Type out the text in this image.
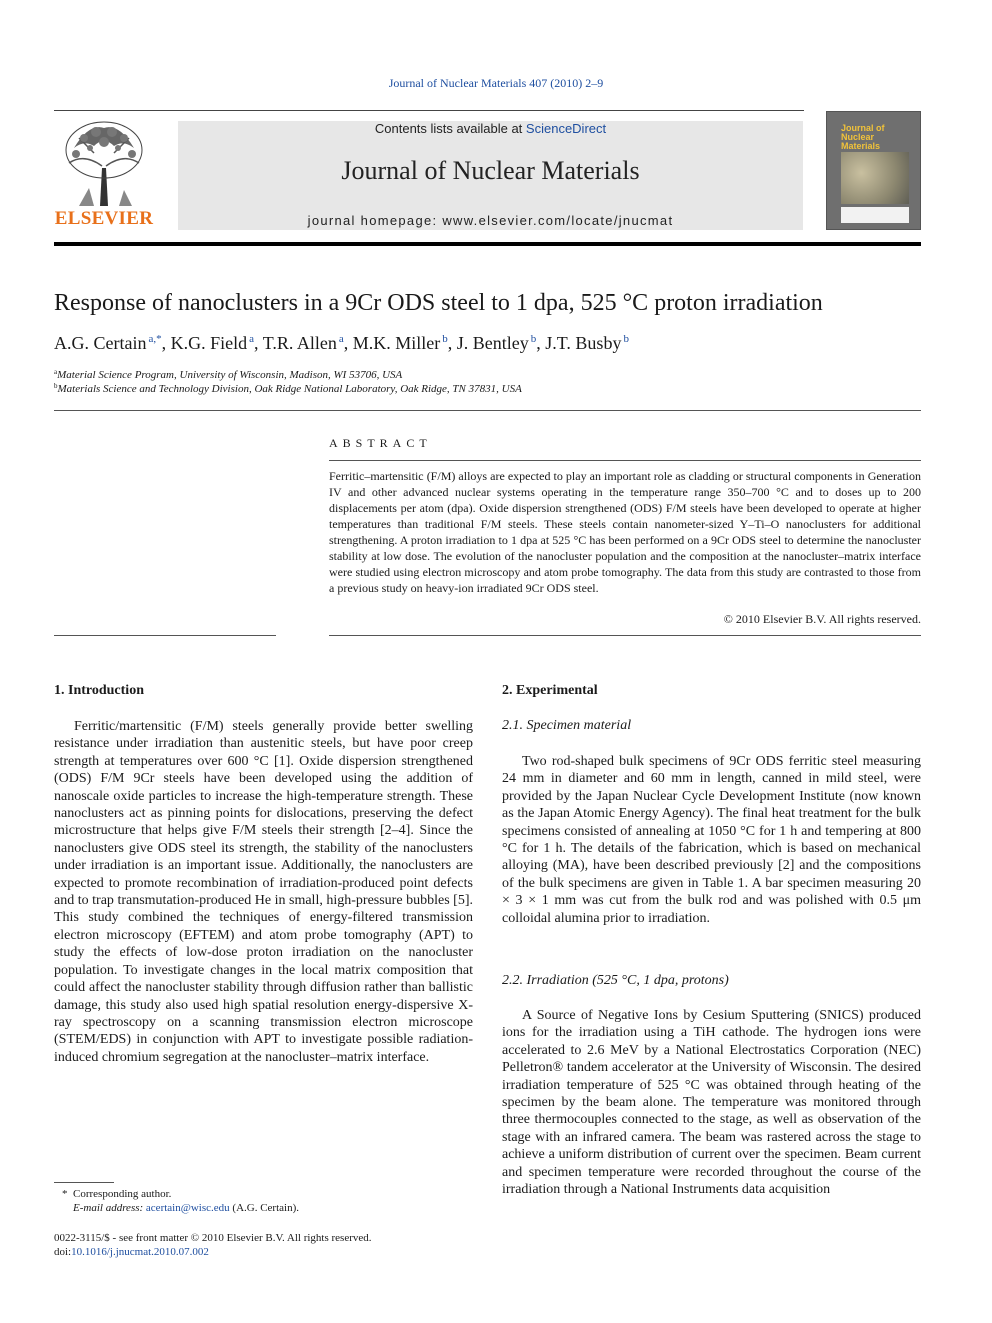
Journal of Nuclear Materials 407 (2010) 2–9
ELSEVIER
Contents lists available at ScienceDirect
Journal of Nuclear Materials
journal homepage: www.elsevier.com/locate/jnucmat
Journal of Nuclear Materials
Response of nanoclusters in a 9Cr ODS steel to 1 dpa, 525 °C proton irradiation
A.G. Certain $^{a,*}$, K.G. Field $^a$, T.R. Allen $^a$, M.K. Miller $^b$, J. Bentley $^b$, J.T. Busby $^b$
$^a$Material Science Program, University of Wisconsin, Madison, WI 53706, USA
$^b$Materials Science and Technology Division, Oak Ridge National Laboratory, Oak Ridge, TN 37831, USA
ABSTRACT
Ferritic–martensitic (F/M) alloys are expected to play an important role as cladding or structural components in Generation IV and other advanced nuclear systems operating in the temperature range 350–700 °C and to doses up to 200 displacements per atom (dpa). Oxide dispersion strengthened (ODS) F/M steels have been developed to operate at higher temperatures than traditional F/M steels. These steels contain nanometer-sized Y–Ti–O nanoclusters for additional strengthening. A proton irradiation to 1 dpa at 525 °C has been performed on a 9Cr ODS steel to determine the nanocluster stability at low dose. The evolution of the nanocluster population and the composition at the nanocluster–matrix interface were studied using electron microscopy and atom probe tomography. The data from this study are contrasted to those from a previous study on heavy-ion irradiated 9Cr ODS steel.
© 2010 Elsevier B.V. All rights reserved.
1. Introduction

Ferritic/martensitic (F/M) steels generally provide better swelling resistance under irradiation than austenitic steels, but have poor creep strength at temperatures over 600 °C [1]. Oxide dispersion strengthened (ODS) F/M 9Cr steels have been developed using the addition of nanoscale oxide particles to increase the high-temperature strength. These nanoclusters act as pinning points for dislocations, preserving the defect microstructure that helps give F/M steels their strength [2–4]. Since the nanoclusters give ODS steel its strength, the stability of the nanoclusters under irradiation is an important issue. Additionally, the nanoclusters are expected to promote recombination of irradiation-produced point defects and to trap transmutation-produced He in small, high-pressure bubbles [5]. This study combined the techniques of energy-filtered transmission electron microscopy (EFTEM) and atom probe tomography (APT) to study the effects of low-dose proton irradiation on the nanocluster population. To investigate changes in the local matrix composition that could affect the nanocluster stability through diffusion rather than ballistic damage, this study also used high spatial resolution energy-dispersive X-ray spectroscopy on a scanning transmission electron microscope (STEM/EDS) in conjunction with APT to investigate possible radiation-induced chromium segregation at the nanocluster–matrix interface.

2. Experimental
2.1. Specimen material

Two rod-shaped bulk specimens of 9Cr ODS ferritic steel measuring 24 mm in diameter and 60 mm in length, canned in mild steel, were provided by the Japan Nuclear Cycle Development Institute (now known as the Japan Atomic Energy Agency). The final heat treatment for the bulk specimens consisted of annealing at 1050 °C for 1 h and tempering at 800 °C for 1 h. The details of the fabrication, which is based on mechanical alloying (MA), have been described previously [2] and the compositions of the bulk specimens are given in Table 1. A bar specimen measuring 20 × 3 × 1 mm was cut from the bulk rod and was polished with 0.5 μm colloidal alumina prior to irradiation.

2.2. Irradiation (525 °C, 1 dpa, protons)

A Source of Negative Ions by Cesium Sputtering (SNICS) produced ions for the irradiation using a TiH cathode. The hydrogen ions were accelerated to 2.6 MeV by a National Electrostatics Corporation (NEC) Pelletron® tandem accelerator at the University of Wisconsin. The desired irradiation temperature of 525 °C was obtained through heating of the specimen by the beam alone. The temperature was monitored through three thermocouples connected to the stage, as well as observation of the stage with an infrared camera. The beam was rastered across the stage to achieve a uniform distribution of current over the specimen. Beam current and specimen temperature were recorded throughout the course of the irradiation through a National Instruments data acquisition

*  Corresponding author.
E-mail address: acertain@wisc.edu (A.G. Certain).
0022-3115/$ - see front matter © 2010 Elsevier B.V. All rights reserved.
doi:10.1016/j.jnucmat.2010.07.002
